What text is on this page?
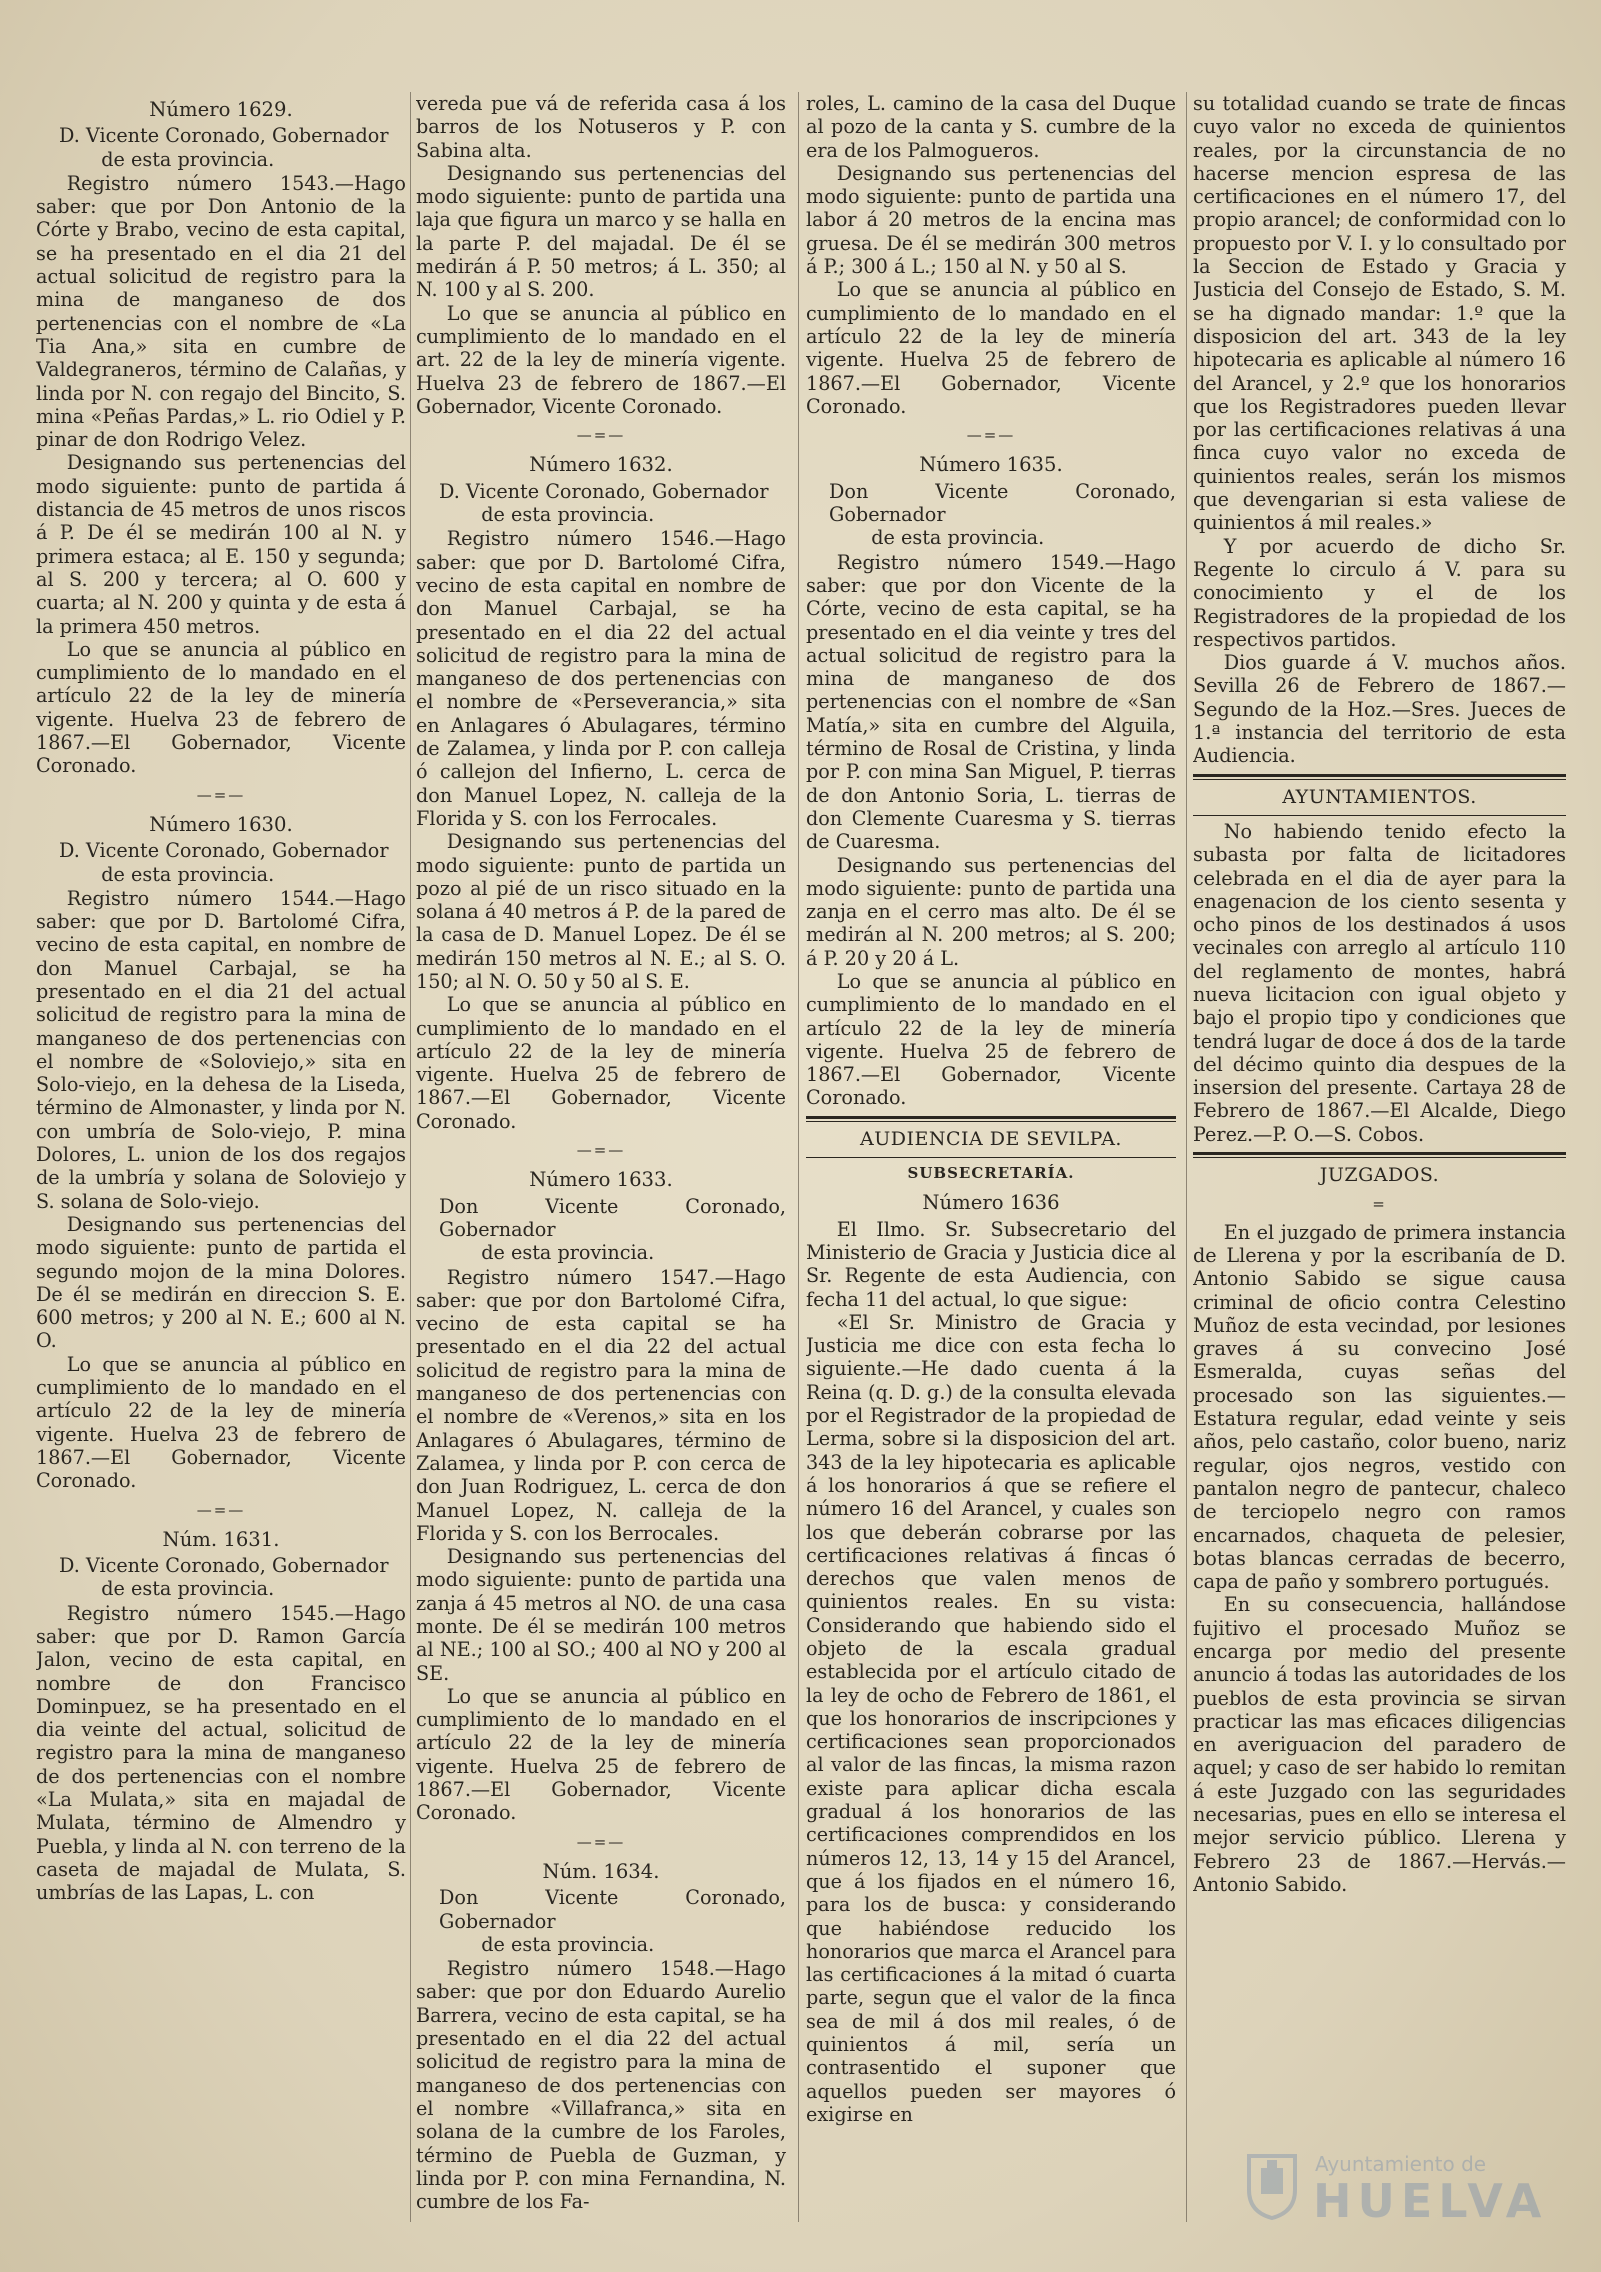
Número 1629.
D. Vicente Coronado, Gobernador
de esta provincia.

Registro número 1543.—Hago saber: que por Don Antonio de la Córte y Brabo, vecino de esta capital, se ha presentado en el dia 21 del actual solicitud de registro para la mina de manganeso de dos pertenencias con el nombre de «La Tia Ana,» sita en cumbre de Valdegraneros, término de Calañas, y linda por N. con regajo del Bincito, S. mina «Peñas Pardas,» L. rio Odiel y P. pinar de don Rodrigo Velez.

Designando sus pertenencias del modo siguiente: punto de partida á distancia de 45 metros de unos riscos á P. De él se medirán 100 al N. y primera estaca; al E. 150 y segunda; al S. 200 y tercera; al O. 600 y cuarta; al N. 200 y quinta y de esta á la primera 450 metros.

Lo que se anuncia al público en cumplimiento de lo mandado en el artículo 22 de la ley de minería vigente. Huelva 23 de febrero de 1867.—El Gobernador, Vicente Coronado.

—=—
Número 1630.
D. Vicente Coronado, Gobernador
de esta provincia.

Registro número 1544.—Hago saber: que por D. Bartolomé Cifra, vecino de esta capital, en nombre de don Manuel Carbajal, se ha presentado en el dia 21 del actual solicitud de registro para la mina de manganeso de dos pertenencias con el nombre de «Soloviejo,» sita en Solo-viejo, en la dehesa de la Liseda, término de Almonaster, y linda por N. con umbría de Solo-viejo, P. mina Dolores, L. union de los dos regajos de la umbría y solana de Soloviejo y S. solana de Solo-viejo.

Designando sus pertenencias del modo siguiente: punto de partida el segundo mojon de la mina Dolores. De él se medirán en direccion S. E. 600 metros; y 200 al N. E.; 600 al N. O.

Lo que se anuncia al público en cumplimiento de lo mandado en el artículo 22 de la ley de minería vigente. Huelva 23 de febrero de 1867.—El Gobernador, Vicente Coronado.

—=—
Núm. 1631.
D. Vicente Coronado, Gobernador
de esta provincia.

Registro número 1545.—Hago saber: que por D. Ramon García Jalon, vecino de esta capital, en nombre de don Francisco Dominpuez, se ha presentado en el dia veinte del actual, solicitud de registro para la mina de manganeso de dos pertenencias con el nombre «La Mulata,» sita en majadal de Mulata, término de Almendro y Puebla, y linda al N. con terreno de la caseta de majadal de Mulata, S. umbrías de las Lapas, L. con

vereda pue vá de referida casa á los barros de los Notuseros y P. con Sabina alta.

Designando sus pertenencias del modo siguiente: punto de partida una laja que figura un marco y se halla en la parte P. del majadal. De él se medirán á P. 50 metros; á L. 350; al N. 100 y al S. 200.

Lo que se anuncia al público en cumplimiento de lo mandado en el art. 22 de la ley de minería vigente. Huelva 23 de febrero de 1867.—El Gobernador, Vicente Coronado.

—=—
Número 1632.
D. Vicente Coronado, Gobernador
de esta provincia.

Registro número 1546.—Hago saber: que por D. Bartolomé Cifra, vecino de esta capital en nombre de don Manuel Carbajal, se ha presentado en el dia 22 del actual solicitud de registro para la mina de manganeso de dos pertenencias con el nombre de «Perseverancia,» sita en Anlagares ó Abulagares, término de Zalamea, y linda por P. con calleja ó callejon del Infierno, L. cerca de don Manuel Lopez, N. calleja de la Florida y S. con los Ferrocales.

Designando sus pertenencias del modo siguiente: punto de partida un pozo al pié de un risco situado en la solana á 40 metros á P. de la pared de la casa de D. Manuel Lopez. De él se medirán 150 metros al N. E.; al S. O. 150; al N. O. 50 y 50 al S. E.

Lo que se anuncia al público en cumplimiento de lo mandado en el artículo 22 de la ley de minería vigente. Huelva 25 de febrero de 1867.—El Gobernador, Vicente Coronado.

—=—
Número 1633.
Don Vicente Coronado, Gobernador
de esta provincia.

Registro número 1547.—Hago saber: que por don Bartolomé Cifra, vecino de esta capital se ha presentado en el dia 22 del actual solicitud de registro para la mina de manganeso de dos pertenencias con el nombre de «Verenos,» sita en los Anlagares ó Abulagares, término de Zalamea, y linda por P. con cerca de don Juan Rodriguez, L. cerca de don Manuel Lopez, N. calleja de la Florida y S. con los Berrocales.

Designando sus pertenencias del modo siguiente: punto de partida una zanja á 45 metros al NO. de una casa monte. De él se medirán 100 metros al NE.; 100 al SO.; 400 al NO y 200 al SE.

Lo que se anuncia al público en cumplimiento de lo mandado en el artículo 22 de la ley de minería vigente. Huelva 25 de febrero de 1867.—El Gobernador, Vicente Coronado.

—=—
Núm. 1634.
Don Vicente Coronado, Gobernador
de esta provincia.

Registro número 1548.—Hago saber: que por don Eduardo Aurelio Barrera, vecino de esta capital, se ha presentado en el dia 22 del actual solicitud de registro para la mina de manganeso de dos pertenencias con el nombre «Villafranca,» sita en solana de la cumbre de los Faroles, término de Puebla de Guzman, y linda por P. con mina Fernandina, N. cumbre de los Fa-

roles, L. camino de la casa del Duque al pozo de la canta y S. cumbre de la era de los Palmogueros.

Designando sus pertenencias del modo siguiente: punto de partida una labor á 20 metros de la encina mas gruesa. De él se medirán 300 metros á P.; 300 á L.; 150 al N. y 50 al S.

Lo que se anuncia al público en cumplimiento de lo mandado en el artículo 22 de la ley de minería vigente. Huelva 25 de febrero de 1867.—El Gobernador, Vicente Coronado.

—=—
Número 1635.
Don Vicente Coronado, Gobernador
de esta provincia.

Registro número 1549.—Hago saber: que por don Vicente de la Córte, vecino de esta capital, se ha presentado en el dia veinte y tres del actual solicitud de registro para la mina de manganeso de dos pertenencias con el nombre de «San Matía,» sita en cumbre del Alguila, término de Rosal de Cristina, y linda por P. con mina San Miguel, P. tierras de don Antonio Soria, L. tierras de don Clemente Cuaresma y S. tierras de Cuaresma.

Designando sus pertenencias del modo siguiente: punto de partida una zanja en el cerro mas alto. De él se medirán al N. 200 metros; al S. 200; á P. 20 y 20 á L.

Lo que se anuncia al público en cumplimiento de lo mandado en el artículo 22 de la ley de minería vigente. Huelva 25 de febrero de 1867.—El Gobernador, Vicente Coronado.

AUDIENCIA DE SEVILPA.
SUBSECRETARÍA.
Número 1636

El Ilmo. Sr. Subsecretario del Ministerio de Gracia y Justicia dice al Sr. Regente de esta Audiencia, con fecha 11 del actual, lo que sigue:

«El Sr. Ministro de Gracia y Justicia me dice con esta fecha lo siguiente.—He dado cuenta á la Reina (q. D. g.) de la consulta elevada por el Registrador de la propiedad de Lerma, sobre si la disposicion del art. 343 de la ley hipotecaria es aplicable á los honorarios á que se refiere el número 16 del Arancel, y cuales son los que deberán cobrarse por las certificaciones relativas á fincas ó derechos que valen menos de quinientos reales. En su vista: Considerando que habiendo sido el objeto de la escala gradual establecida por el artículo citado de la ley de ocho de Febrero de 1861, el que los honorarios de inscripciones y certificaciones sean proporcionados al valor de las fincas, la misma razon existe para aplicar dicha escala gradual á los honorarios de las certificaciones comprendidos en los números 12, 13, 14 y 15 del Arancel, que á los fijados en el número 16, para los de busca: y considerando que habiéndose reducido los honorarios que marca el Arancel para las certificaciones á la mitad ó cuarta parte, segun que el valor de la finca sea de mil á dos mil reales, ó de quinientos á mil, sería un contrasentido el suponer que aquellos pueden ser mayores ó exigirse en

su totalidad cuando se trate de fincas cuyo valor no exceda de quinientos reales, por la circunstancia de no hacerse mencion espresa de las certificaciones en el número 17, del propio arancel; de conformidad con lo propuesto por V. I. y lo consultado por la Seccion de Estado y Gracia y Justicia del Consejo de Estado, S. M. se ha dignado mandar: 1.º que la disposicion del art. 343 de la ley hipotecaria es aplicable al número 16 del Arancel, y 2.º que los honorarios que los Registradores pueden llevar por las certificaciones relativas á una finca cuyo valor no exceda de quinientos reales, serán los mismos que devengarian si esta valiese de quinientos á mil reales.»

Y por acuerdo de dicho Sr. Regente lo circulo á V. para su conocimiento y el de los Registradores de la propiedad de los respectivos partidos.

Dios guarde á V. muchos años. Sevilla 26 de Febrero de 1867.—Segundo de la Hoz.—Sres. Jueces de 1.ª instancia del territorio de esta Audiencia.

AYUNTAMIENTOS.

No habiendo tenido efecto la subasta por falta de licitadores celebrada en el dia de ayer para la enagenacion de los ciento sesenta y ocho pinos de los destinados á usos vecinales con arreglo al artículo 110 del reglamento de montes, habrá nueva licitacion con igual objeto y bajo el propio tipo y condiciones que tendrá lugar de doce á dos de la tarde del décimo quinto dia despues de la insersion del presente. Cartaya 28 de Febrero de 1867.—El Alcalde, Diego Perez.—P. O.—S. Cobos.

JUZGADOS.
=

En el juzgado de primera instancia de Llerena y por la escribanía de D. Antonio Sabido se sigue causa criminal de oficio contra Celestino Muñoz de esta vecindad, por lesiones graves á su convecino José Esmeralda, cuyas señas del procesado son las siguientes.—Estatura regular, edad veinte y seis años, pelo castaño, color bueno, nariz regular, ojos negros, vestido con pantalon negro de pantecur, chaleco de terciopelo negro con ramos encarnados, chaqueta de pelesier, botas blancas cerradas de becerro, capa de paño y sombrero portugués.

En su consecuencia, hallándose fujitivo el procesado Muñoz se encarga por medio del presente anuncio á todas las autoridades de los pueblos de esta provincia se sirvan practicar las mas eficaces diligencias en averiguacion del paradero de aquel; y caso de ser habido lo remitan á este Juzgado con las seguridades necesarias, pues en ello se interesa el mejor servicio público. Llerena y Febrero 23 de 1867.—Hervás.—Antonio Sabido.

Ayuntamiento de
HUELVA
